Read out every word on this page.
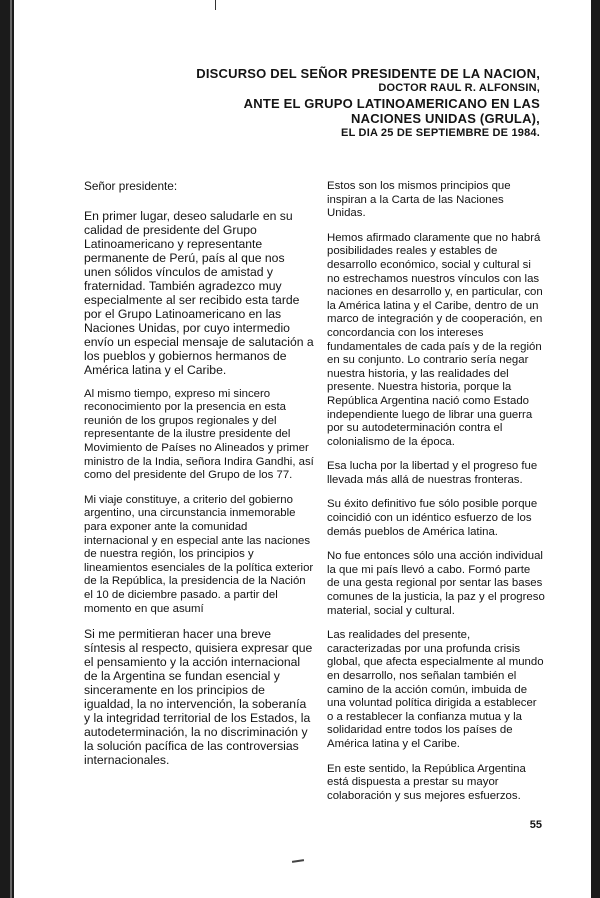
DISCURSO DEL SEÑOR PRESIDENTE DE LA NACION,
DOCTOR RAUL R. ALFONSIN,
ANTE EL GRUPO LATINOAMERICANO EN LAS
NACIONES UNIDAS (GRULA),
EL DIA 25 DE SEPTIEMBRE DE 1984.

Señor presidente:

En primer lugar, deseo saludarle en su calidad de presidente del Grupo Latinoamericano y representante permanente de Perú, país al que nos unen sólidos vínculos de amistad y fraternidad. También agradezco muy especialmente al ser recibido esta tarde por el Grupo Latinoamericano en las Naciones Unidas, por cuyo intermedio envío un especial mensaje de salutación a los pueblos y gobiernos hermanos de América latina y el Caribe.

Al mismo tiempo, expreso mi sincero reconocimiento por la presencia en esta reunión de los grupos regionales y del representante de la ilustre presidente del Movimiento de Países no Alineados y primer ministro de la India, señora Indira Gandhi, así como del presidente del Grupo de los 77.

Mi viaje constituye, a criterio del gobierno argentino, una circunstancia inmemorable para exponer ante la comunidad internacional y en especial ante las naciones de nuestra región, los principios y lineamientos esenciales de la política exterior de la República, la presidencia de la Nación el 10 de diciembre pasado. a partir del momento en que asumí

Si me permitieran hacer una breve síntesis al respecto, quisiera expresar que el pensamiento y la acción internacional de la Argentina se fundan esencial y sinceramente en los principios de igualdad, la no intervención, la soberanía y la integridad territorial de los Estados, la autodeterminación, la no discriminación y la solución pacífica de las controversias internacionales.

Estos son los mismos principios que inspiran a la Carta de las Naciones Unidas.

Hemos afirmado claramente que no habrá posibilidades reales y estables de desarrollo económico, social y cultural si no estrechamos nuestros vínculos con las naciones en desarrollo y, en particular, con la América latina y el Caribe, dentro de un marco de integración y de cooperación, en concordancia con los intereses fundamentales de cada país y de la región en su conjunto. Lo contrario sería negar nuestra historia, y las realidades del presente. Nuestra historia, porque la República Argentina nació como Estado independiente luego de librar una guerra por su autodeterminación contra el colonialismo de la época.

Esa lucha por la libertad y el progreso fue llevada más allá de nuestras fronteras.

Su éxito definitivo fue sólo posible porque coincidió con un idéntico esfuerzo de los demás pueblos de América latina.

No fue entonces sólo una acción individual la que mi país llevó a cabo. Formó parte de una gesta regional por sentar las bases comunes de la justicia, la paz y el progreso material, social y cultural.

Las realidades del presente, caracterizadas por una profunda crisis global, que afecta especialmente al mundo en desarrollo, nos señalan también el camino de la acción común, imbuida de una voluntad política dirigida a establecer o a restablecer la confianza mutua y la solidaridad entre todos los países de América latina y el Caribe.

En este sentido, la República Argentina está dispuesta a prestar su mayor colaboración y sus mejores esfuerzos.

55
